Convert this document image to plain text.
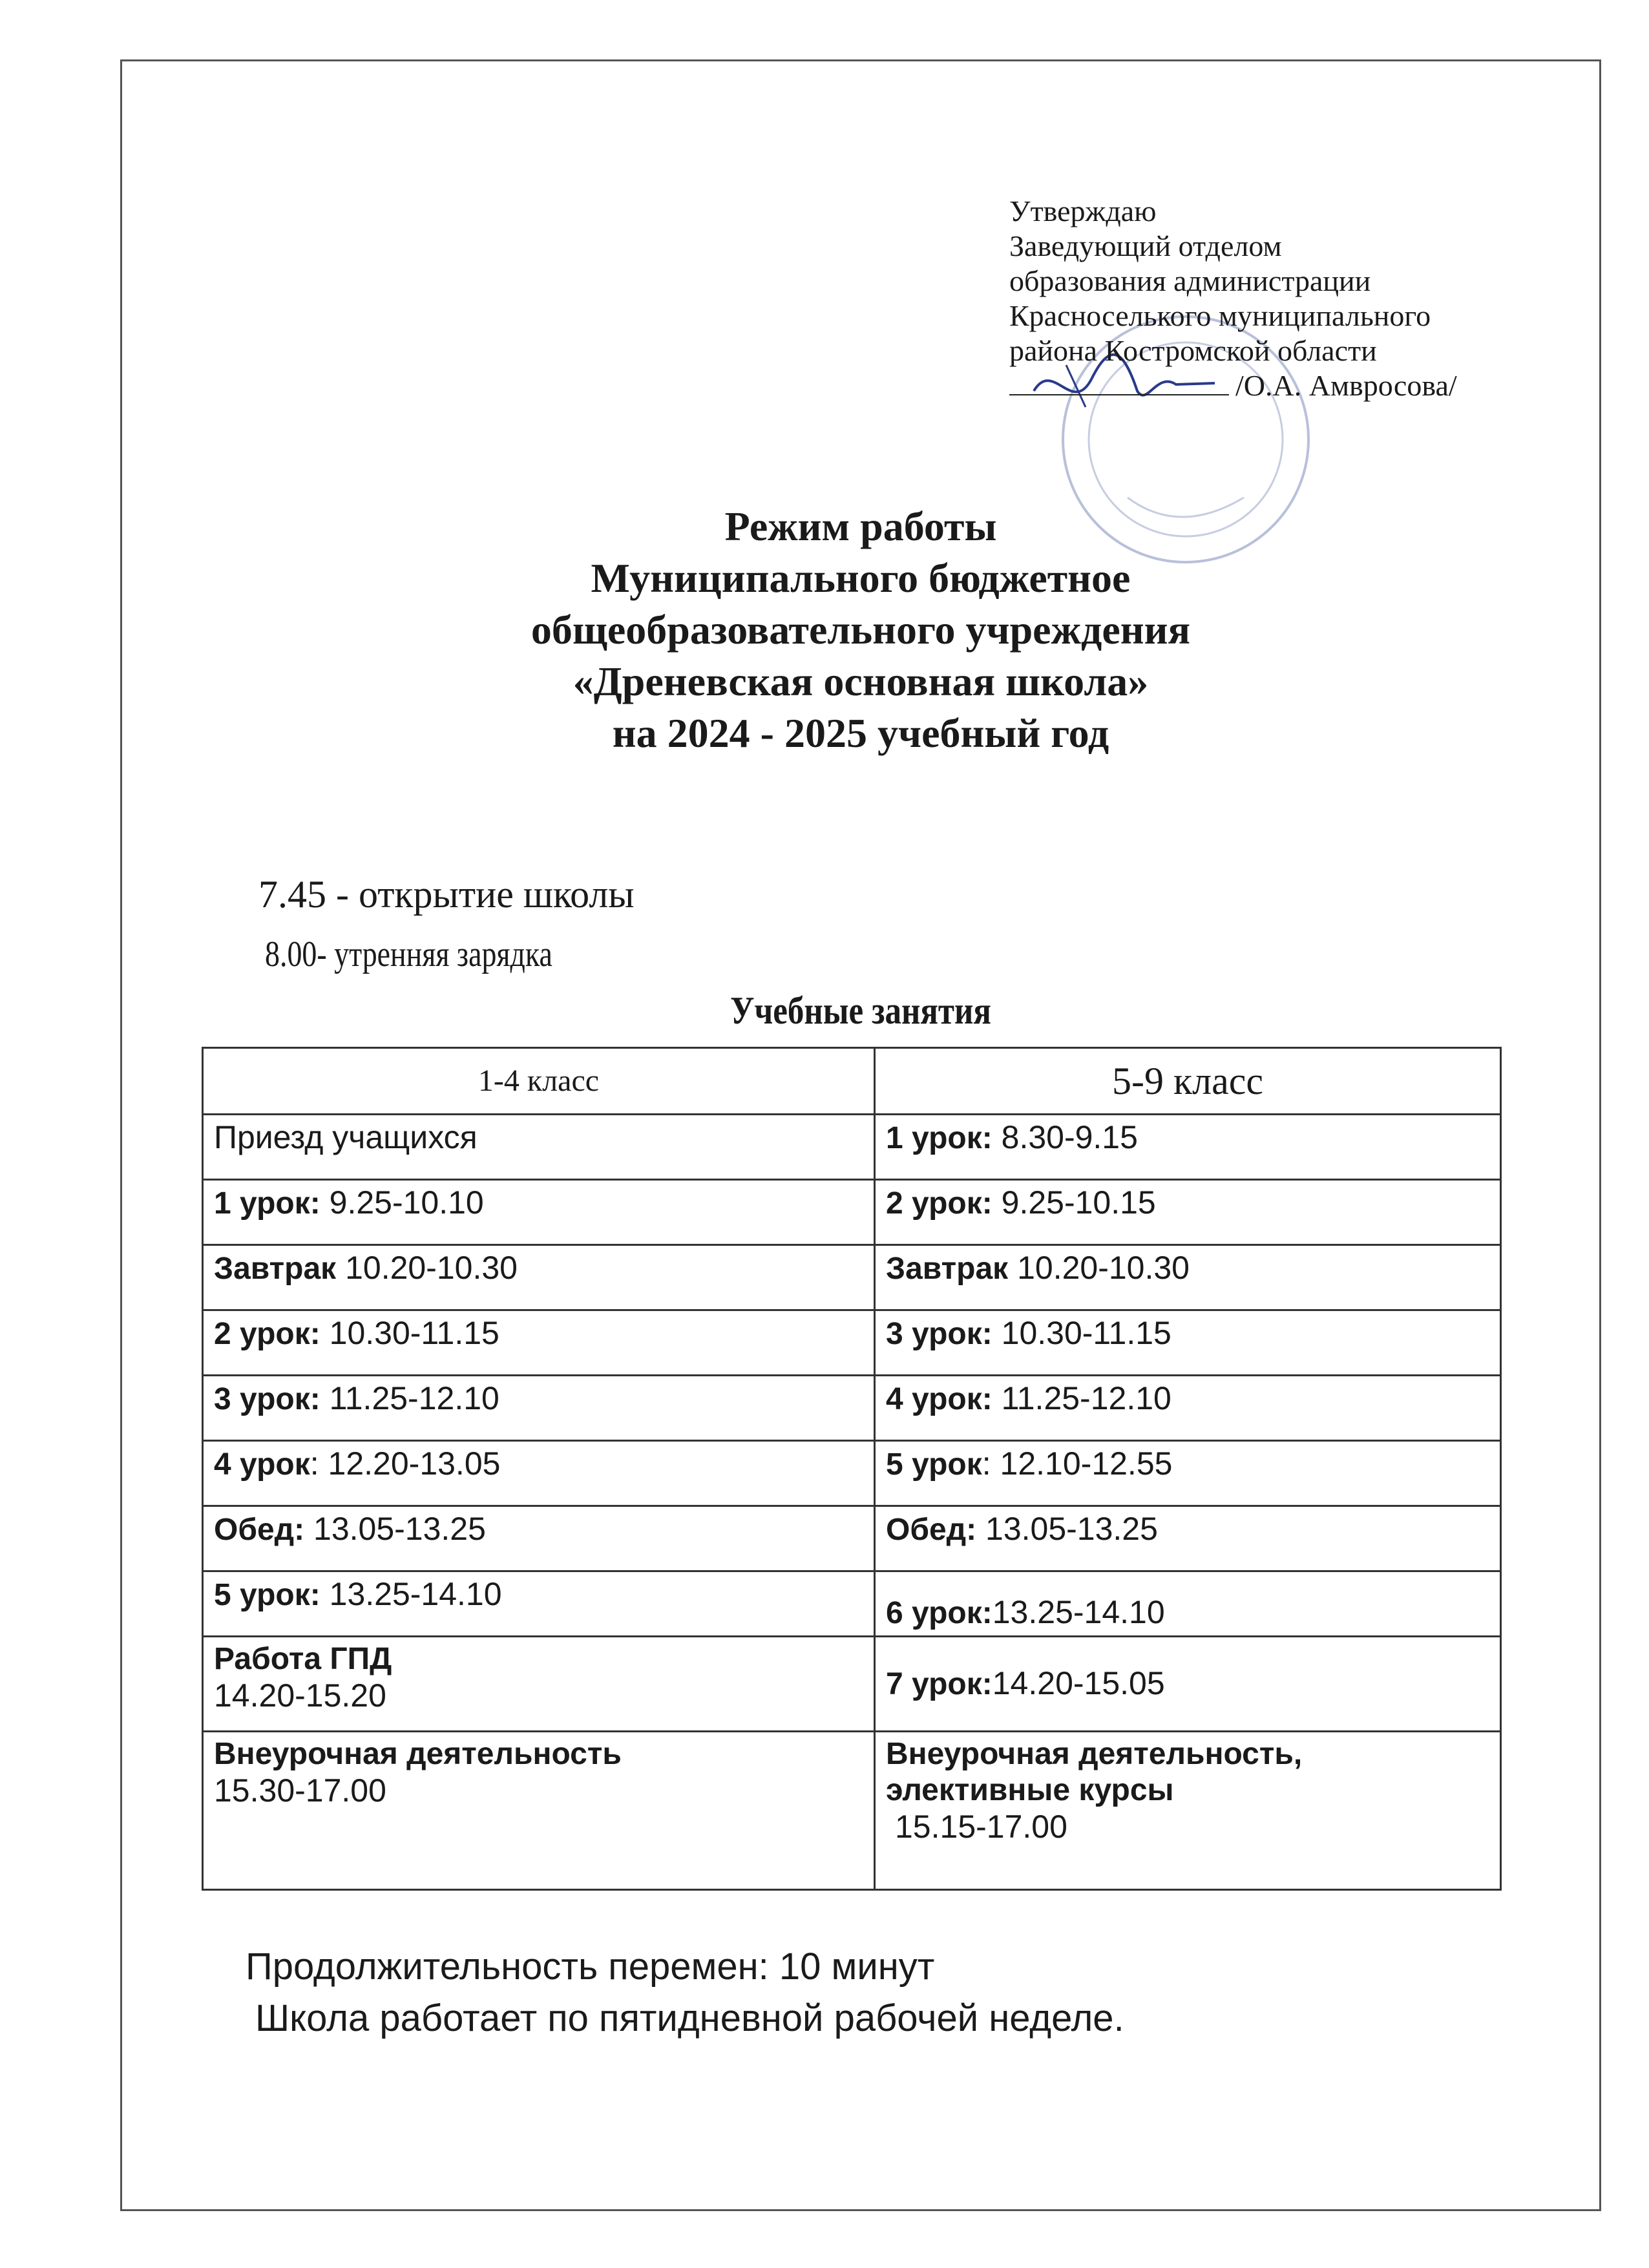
Утверждаю
Заведующий отделом
образования администрации
Красноселького муниципального
района Костромской области
/О.А. Амвросова/
Режим работы
Муниципального бюджетное
общеобразовательного учреждения
«Дреневская основная школа»
на 2024 - 2025 учебный год
7.45 - открытие школы
8.00- утренняя зарядка
Учебные занятия
1-4 класс	5-9 класс
Приезд учащихся	1 урок: 8.30-9.15
1 урок: 9.25-10.10	2 урок: 9.25-10.15
Завтрак 10.20-10.30	Завтрак 10.20-10.30
2 урок: 10.30-11.15	3 урок: 10.30-11.15
3 урок: 11.25-12.10	4 урок: 11.25-12.10
4 урок: 12.20-13.05	5 урок: 12.10-12.55
Обед: 13.05-13.25	Обед: 13.05-13.25
5 урок: 13.25-14.10	6 урок:13.25-14.10

Работа ГПД
14.20-15.20	7 урок:14.20-15.05

Внеурочная деятельность
15.30-17.00	Внеурочная деятельность,
элективные курсы
15.15-17.00
Продолжительность перемен: 10 минут
Школа работает по пятидневной рабочей неделе.
